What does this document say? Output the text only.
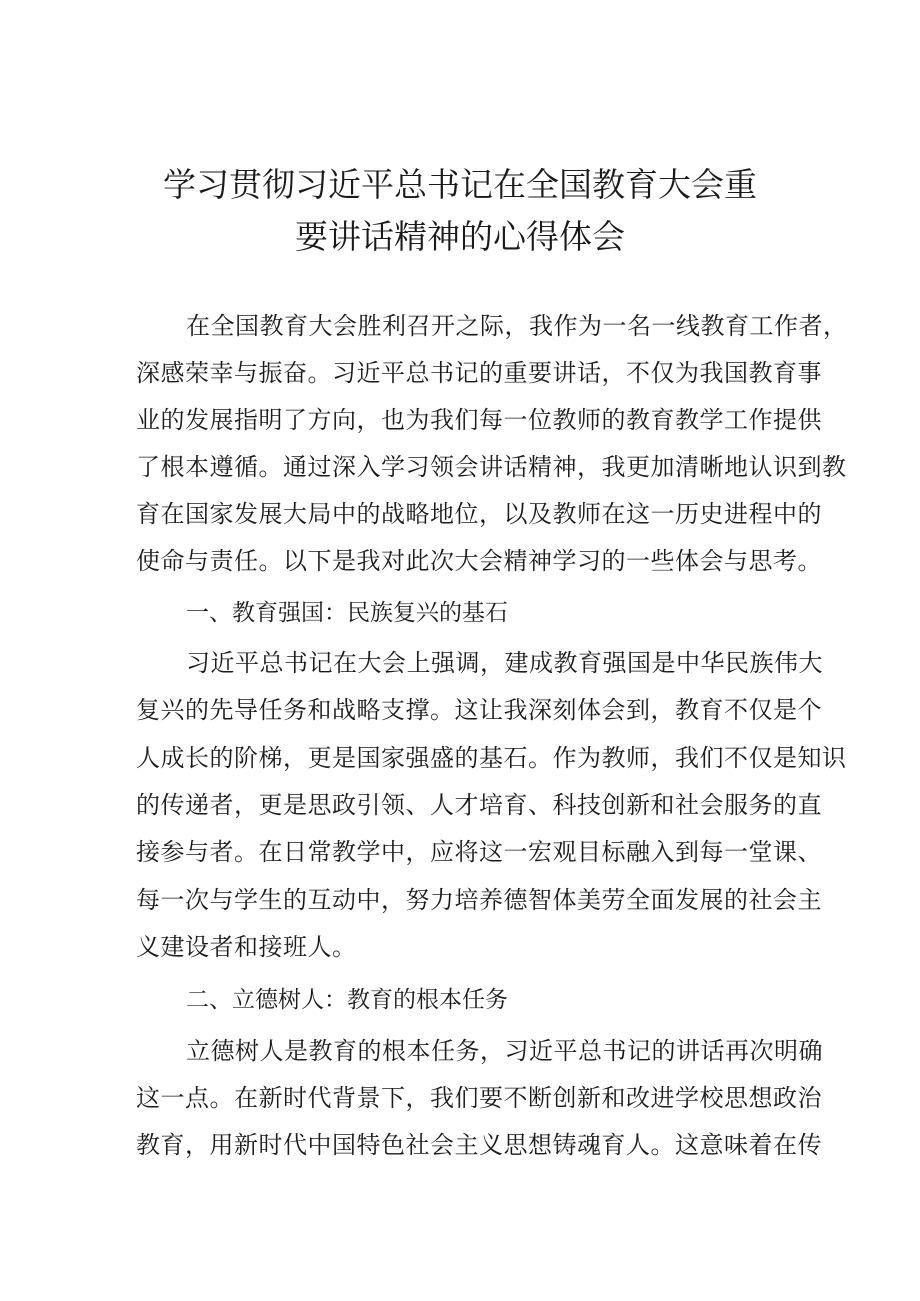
学习贯彻习近平总书记在全国教育大会重
要讲话精神的心得体会
在全国教育大会胜利召开之际，我作为一名一线教育工作者，
深感荣幸与振奋。习近平总书记的重要讲话，不仅为我国教育事
业的发展指明了方向，也为我们每一位教师的教育教学工作提供
了根本遵循。通过深入学习领会讲话精神，我更加清晰地认识到教
育在国家发展大局中的战略地位，以及教师在这一历史进程中的
使命与责任。以下是我对此次大会精神学习的一些体会与思考。
一、教育强国：民族复兴的基石
习近平总书记在大会上强调，建成教育强国是中华民族伟大
复兴的先导任务和战略支撑。这让我深刻体会到，教育不仅是个
人成长的阶梯，更是国家强盛的基石。作为教师，我们不仅是知识
的传递者，更是思政引领、人才培育、科技创新和社会服务的直
接参与者。在日常教学中，应将这一宏观目标融入到每一堂课、
每一次与学生的互动中，努力培养德智体美劳全面发展的社会主
义建设者和接班人。
二、立德树人：教育的根本任务
立德树人是教育的根本任务，习近平总书记的讲话再次明确
这一点。在新时代背景下，我们要不断创新和改进学校思想政治
教育，用新时代中国特色社会主义思想铸魂育人。这意味着在传
